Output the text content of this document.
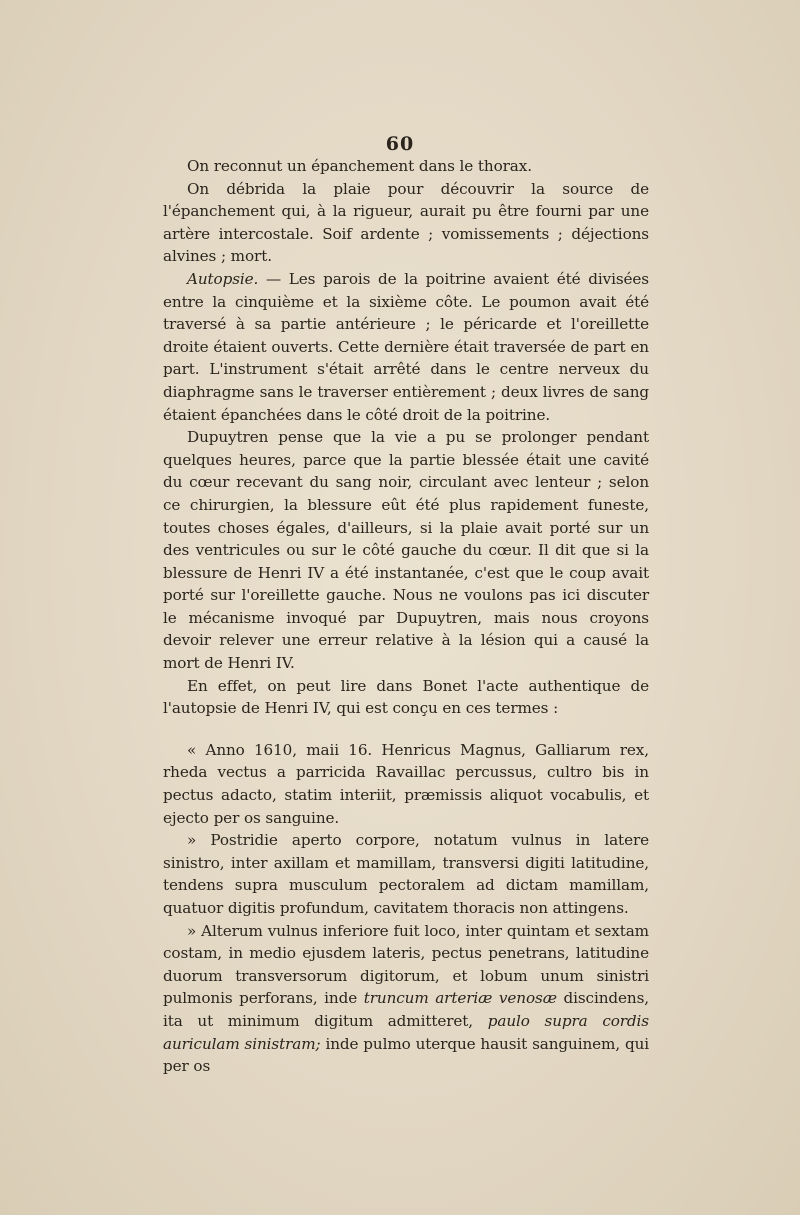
60

On reconnut un épanchement dans le thorax.

On débrida la plaie pour découvrir la source de l'épanchement qui, à la rigueur, aurait pu être fourni par une artère intercostale. Soif ardente ; vomissements ; déjections alvines ; mort.

Autopsie. — Les parois de la poitrine avaient été divisées entre la cinquième et la sixième côte. Le poumon avait été traversé à sa partie antérieure ; le péricarde et l'oreillette droite étaient ouverts. Cette dernière était traversée de part en part. L'instrument s'était arrêté dans le centre nerveux du diaphragme sans le traverser entièrement ; deux livres de sang étaient épanchées dans le côté droit de la poitrine.

Dupuytren pense que la vie a pu se prolonger pendant quelques heures, parce que la partie blessée était une cavité du cœur recevant du sang noir, circulant avec lenteur ; selon ce chirurgien, la blessure eût été plus rapidement funeste, toutes choses égales, d'ailleurs, si la plaie avait porté sur un des ventricules ou sur le côté gauche du cœur. Il dit que si la blessure de Henri IV a été instantanée, c'est que le coup avait porté sur l'oreillette gauche. Nous ne voulons pas ici discuter le mécanisme invoqué par Dupuytren, mais nous croyons devoir relever une erreur relative à la lésion qui a causé la mort de Henri IV.

En effet, on peut lire dans Bonet l'acte authentique de l'autopsie de Henri IV, qui est conçu en ces termes :

« Anno 1610, maii 16. Henricus Magnus, Galliarum rex, rheda vectus a parricida Ravaillac percussus, cultro bis in pectus adacto, statim interiit, præmissis aliquot vocabulis, et ejecto per os sanguine.

» Postridie aperto corpore, notatum vulnus in latere sinistro, inter axillam et mamillam, transversi digiti latitudine, tendens supra musculum pectoralem ad dictam mamillam, quatuor digitis profundum, cavitatem thoracis non attingens.

» Alterum vulnus inferiore fuit loco, inter quintam et sextam costam, in medio ejusdem lateris, pectus penetrans, latitudine duorum transversorum digitorum, et lobum unum sinistri pulmonis perforans, inde truncum arteriæ venosæ discindens, ita ut minimum digitum admitteret, paulo supra cordis auriculam sinistram; inde pulmo uterque hausit sanguinem, qui per os
